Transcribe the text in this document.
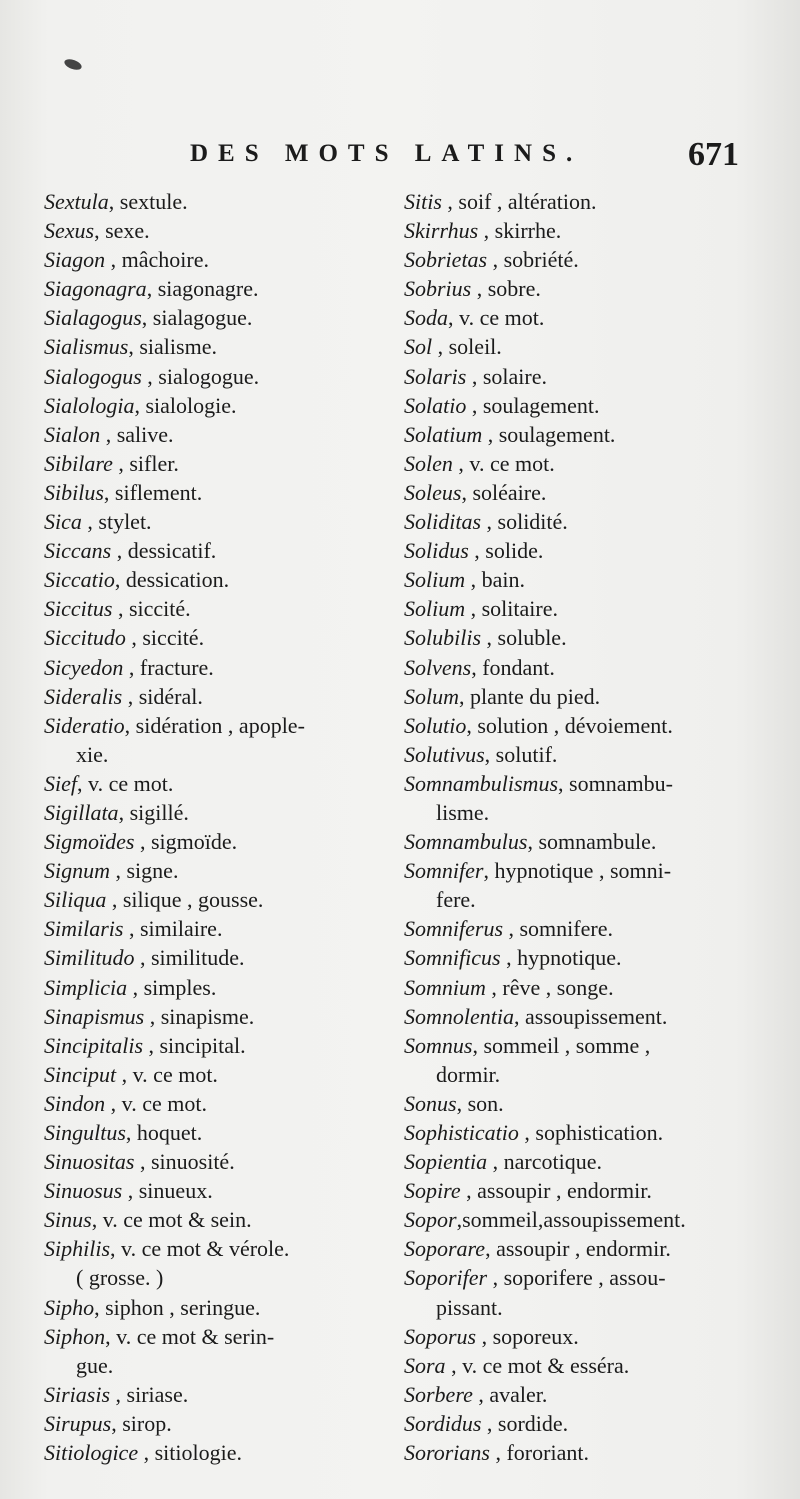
DES MOTS LATINS.	671
Sextula, sextule.
Sexus, sexe.
Siagon , mâchoire.
Siagonagra, siagonagre.
Sialagogus, sialagogue.
Sialismus, sialisme.
Sialogogus , sialogogue.
Sialologia, sialologie.
Sialon , salive.
Sibilare , sifler.
Sibilus, siflement.
Sica , stylet.
Siccans , dessicatif.
Siccatio, dessication.
Siccitus , siccité.
Siccitudo , siccité.
Sicyedon , fracture.
Sideralis , sidéral.
Sideratio, sidération , apople-
xie.
Sief, v. ce mot.
Sigillata, sigillé.
Sigmoïdes , sigmoïde.
Signum , signe.
Siliqua , silique , gousse.
Similaris , similaire.
Similitudo , similitude.
Simplicia , simples.
Sinapismus , sinapisme.
Sincipitalis , sincipital.
Sinciput , v. ce mot.
Sindon , v. ce mot.
Singultus, hoquet.
Sinuositas , sinuosité.
Sinuosus , sinueux.
Sinus, v. ce mot & sein.
Siphilis, v. ce mot & vérole.
( grosse. )
Sipho, siphon , seringue.
Siphon, v. ce mot & serin-
gue.
Siriasis , siriase.
Sirupus, sirop.
Sitiologice , sitiologie.
Sitis , soif , altération.
Skirrhus , skirrhe.
Sobrietas , sobriété.
Sobrius , sobre.
Soda, v. ce mot.
Sol , soleil.
Solaris , solaire.
Solatio , soulagement.
Solatium , soulagement.
Solen , v. ce mot.
Soleus, soléaire.
Soliditas , solidité.
Solidus , solide.
Solium , bain.
Solium , solitaire.
Solubilis , soluble.
Solvens, fondant.
Solum, plante du pied.
Solutio, solution , dévoiement.
Solutivus, solutif.
Somnambulismus, somnambu-
lisme.
Somnambulus, somnambule.
Somnifer, hypnotique , somni-
fere.
Somniferus , somnifere.
Somnificus , hypnotique.
Somnium , rêve , songe.
Somnolentia, assoupissement.
Somnus, sommeil , somme ,
dormir.
Sonus, son.
Sophisticatio , sophistication.
Sopientia , narcotique.
Sopire , assoupir , endormir.
Sopor,sommeil,assoupissement.
Soporare, assoupir , endormir.
Soporifer , soporifere , assou-
pissant.
Soporus , soporeux.
Sora , v. ce mot & esséra.
Sorbere , avaler.
Sordidus , sordide.
Sororians , fororiant.
